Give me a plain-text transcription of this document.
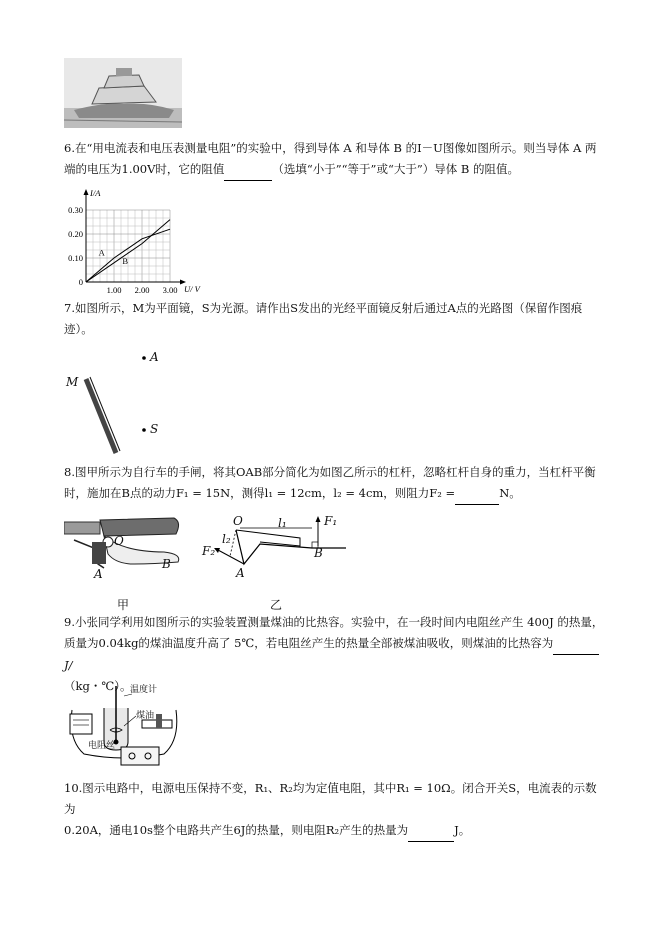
6.在“用电流表和电压表测量电阻”的实验中，得到导体 A 和导体 B 的I－U图像如图所示。则当导体 A 两
端的电压为1.00V时，它的阻值	（选填“小于”“等于”或“大于”）导体 B 的阻值。
I/A
U/ V
0.30
0.20
0.10
0
1.00 2.00 3.00
A
B
7.如图所示，M为平面镜，S为光源。请作出S发出的光经平面镜反射后通过A点的光路图（保留作图痕
迹）。
M
A
S
8.图甲所示为自行车的手闸，将其OAB部分简化为如图乙所示的杠杆，忽略杠杆自身的重力，当杠杆平衡
时，施加在B点的动力F₁ = 15N，测得l₁ = 12cm，l₂ = 4cm，则阻力F₂ =	N。
O
A
B
甲
O	l₁
l₂
F₁
F₂
A
B
乙
9.小张同学利用如图所示的实验装置测量煤油的比热容。实验中，在一段时间内电阻丝产生 400J 的热量，
质量为0.04kg的煤油温度升高了 5℃，若电阻丝产生的热量全部被煤油吸收，则煤油的比热容为 J/
（kg・℃）。
温度计
煤油
电阻丝
10.图示电路中，电源电压保持不变，R₁、R₂均为定值电阻，其中R₁ = 10Ω。闭合开关S，电流表的示数为
0.20A，通电10s整个电路共产生6J的热量，则电阻R₂产生的热量为	J。
